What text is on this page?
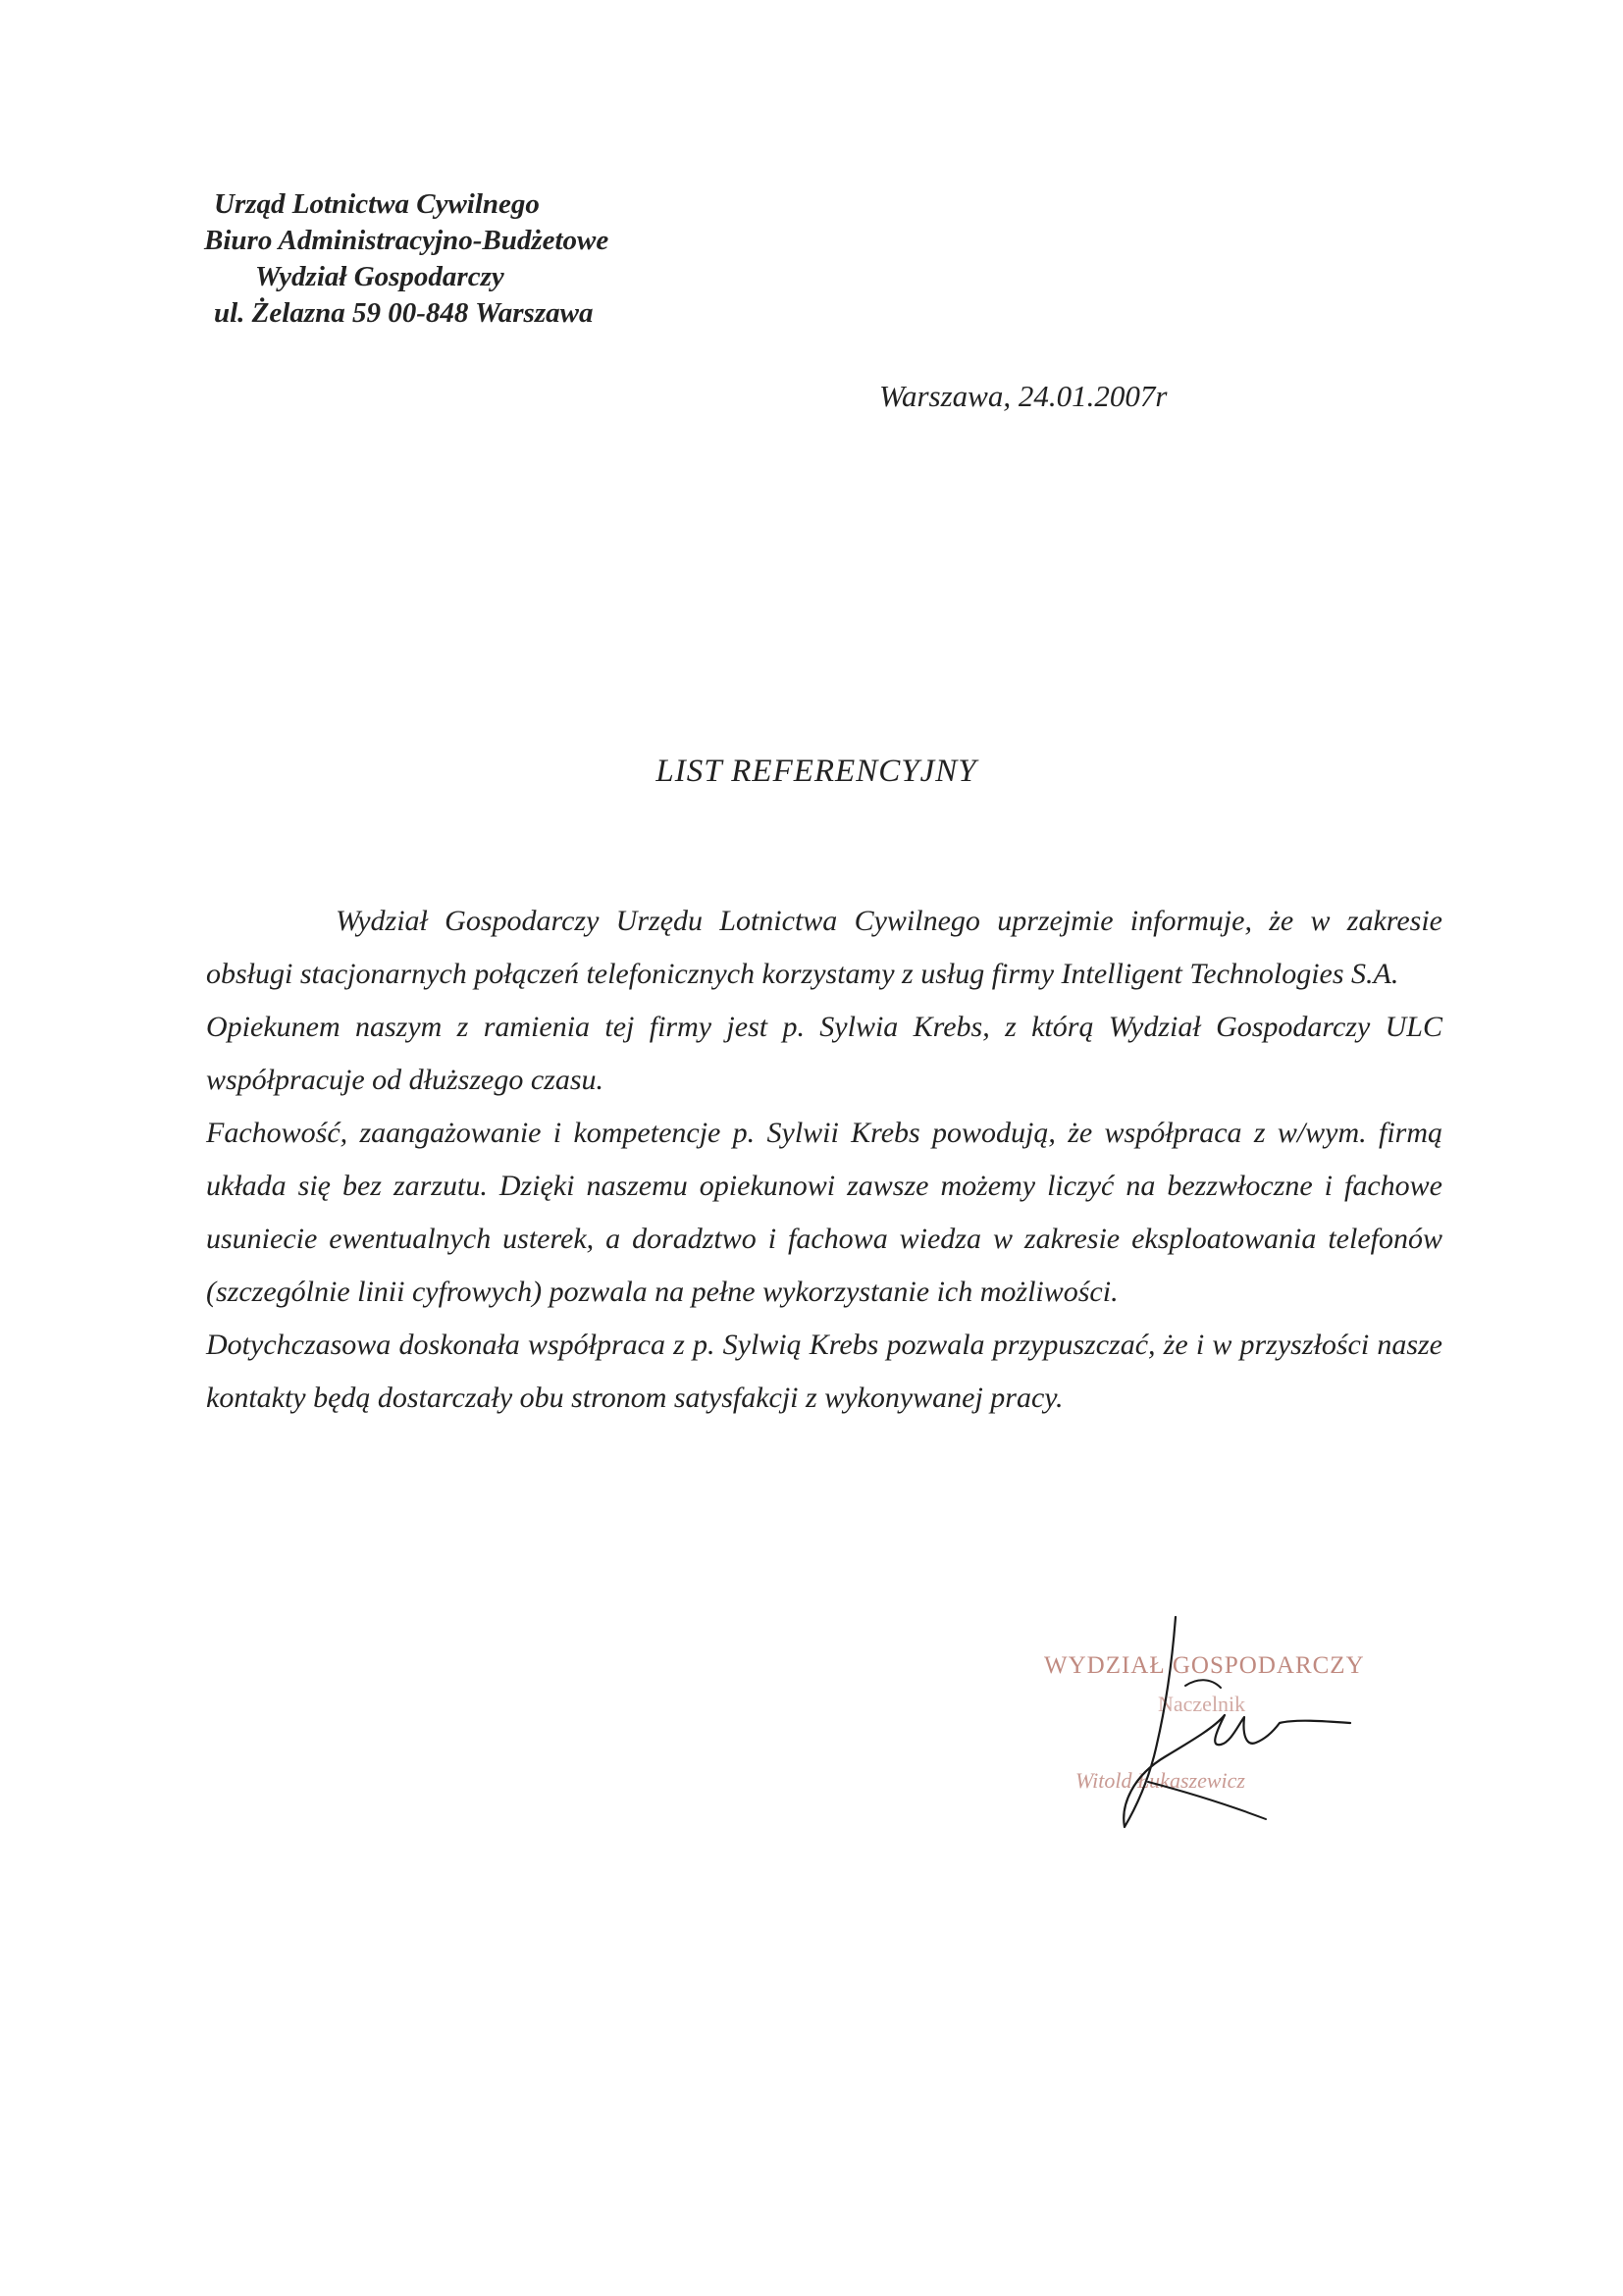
Urząd Lotnictwa Cywilnego
Biuro Administracyjno-Budżetowe
Wydział Gospodarczy
ul. Żelazna 59 00-848 Warszawa
Warszawa, 24.01.2007r
LIST REFERENCYJNY

Wydział Gospodarczy Urzędu Lotnictwa Cywilnego uprzejmie informuje, że w zakresie obsługi stacjonarnych połączeń telefonicznych korzystamy z usług firmy Intelligent Technologies S.A.

Opiekunem naszym z ramienia tej firmy jest p. Sylwia Krebs, z którą Wydział Gospodarczy ULC współpracuje od dłuższego czasu.

Fachowość, zaangażowanie i kompetencje p. Sylwii Krebs powodują, że współpraca z w/wym. firmą układa się bez zarzutu. Dzięki naszemu opiekunowi zawsze możemy liczyć na bezzwłoczne i fachowe usuniecie ewentualnych usterek, a doradztwo i fachowa wiedza w zakresie eksploatowania telefonów (szczególnie linii cyfrowych) pozwala na pełne wykorzystanie ich możliwości.

Dotychczasowa doskonała współpraca z p. Sylwią Krebs pozwala przypuszczać, że i w przyszłości nasze kontakty będą dostarczały obu stronom satysfakcji z wykonywanej pracy.

WYDZIAŁ GOSPODARCZY
Naczelnik
Witold Łukaszewicz
